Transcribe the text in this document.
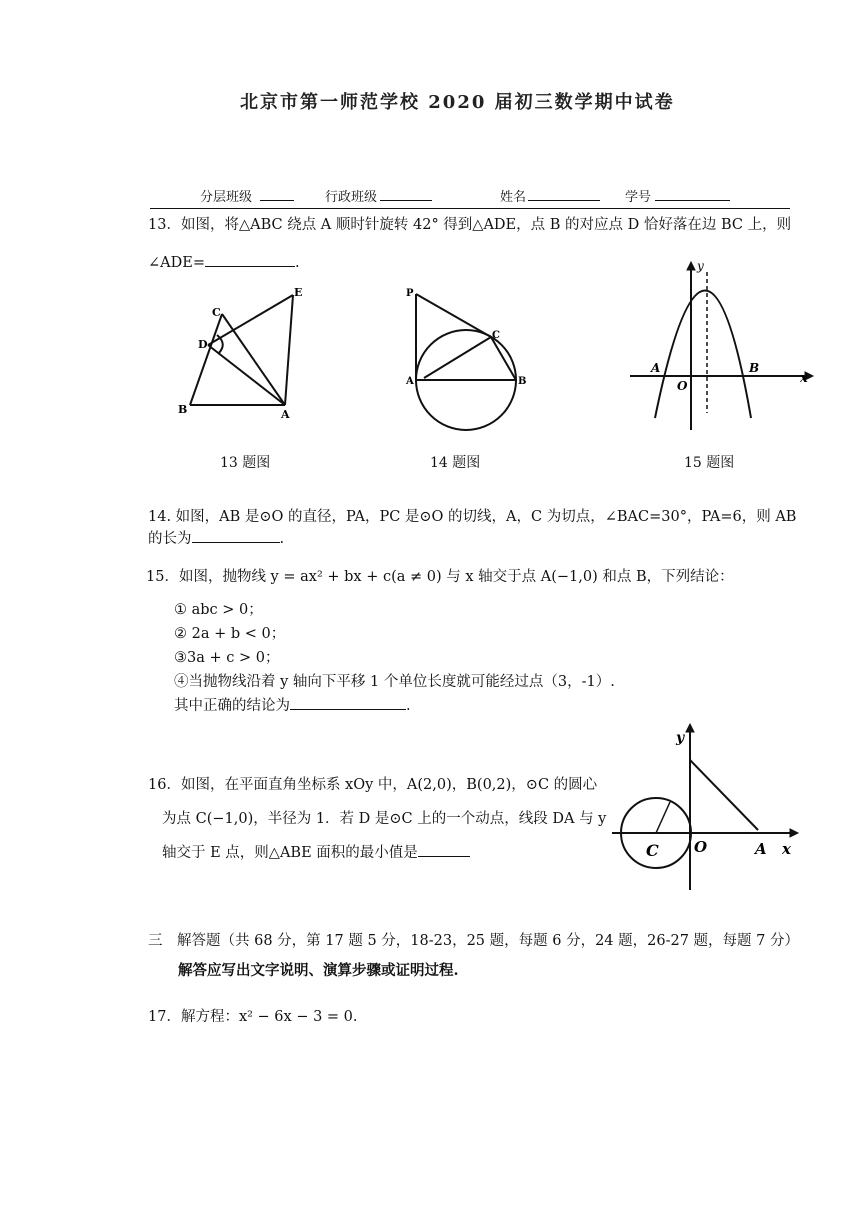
北京市第一师范学校 2020 届初三数学期中试卷
分层班级	行政班级	姓名	学号
13．如图，将△ABC 绕点 A 顺时针旋转 42° 得到△ADE，点 B 的对应点 D 恰好落在边 BC 上，则
∠ADE=	.
C
E
D
B	A
13 题图
P
C
A	B
14 题图
y
A
O
B
x
15 题图
14. 如图，AB 是⊙O 的直径，PA，PC 是⊙O 的切线，A，C 为切点，∠BAC=30°，PA=6，则 AB
的长为	.
15．如图，抛物线 y = ax² + bx + c(a ≠ 0) 与 x 轴交于点 A(−1,0) 和点 B，下列结论：
① abc > 0；
② 2a + b < 0；
③3a + c > 0；
④当抛物线沿着 y 轴向下平移 1 个单位长度就可能经过点（3，-1）.
其中正确的结论为	.
16．如图，在平面直角坐标系 xOy 中，A(2,0)，B(0,2)，⊙C 的圆心
为点 C(−1,0)，半径为 1．若 D 是⊙C 上的一个动点，线段 DA 与 y
轴交于 E 点，则△ABE 面积的最小值是
y
C O	A x
三　解答题（共 68 分，第 17 题 5 分，18-23，25 题，每题 6 分，24 题，26-27 题，每题 7 分）
解答应写出文字说明、演算步骤或证明过程.
17．解方程：x² − 6x − 3 = 0.
